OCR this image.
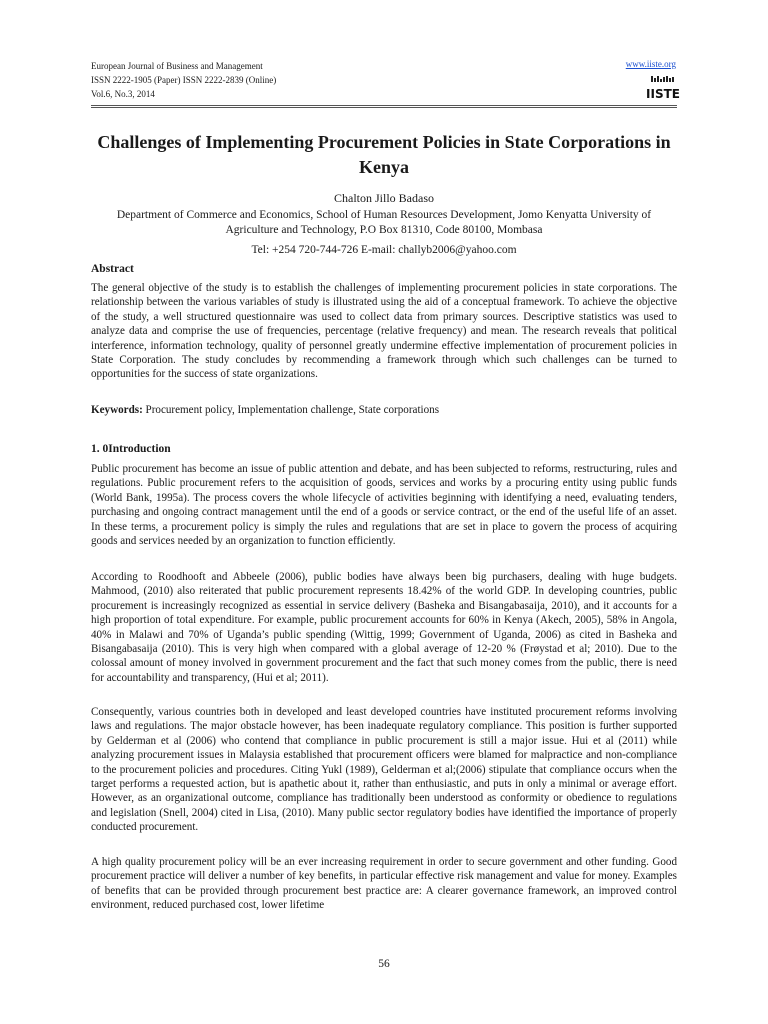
European Journal of Business and Management
ISSN 2222-1905 (Paper) ISSN 2222-2839 (Online)
Vol.6, No.3, 2014
www.iiste.org
IISTE
Challenges of Implementing Procurement Policies in State Corporations in Kenya
Chalton Jillo Badaso
Department of Commerce and Economics, School of Human Resources Development, Jomo Kenyatta University of Agriculture and Technology, P.O Box 81310, Code 80100, Mombasa
Tel: +254 720-744-726 E-mail: challyb2006@yahoo.com
Abstract
The general objective of the study is to establish the challenges of implementing procurement policies in state corporations. The relationship between the various variables of study is illustrated using the aid of a conceptual framework. To achieve the objective of the study, a well structured questionnaire was used to collect data from primary sources. Descriptive statistics was used to analyze data and comprise the use of frequencies, percentage (relative frequency) and mean. The research reveals that political interference, information technology, quality of personnel greatly undermine effective implementation of procurement policies in State Corporation. The study concludes by recommending a framework through which such challenges can be turned to opportunities for the success of state organizations.
Keywords: Procurement policy, Implementation challenge, State corporations
1. 0Introduction
Public procurement has become an issue of public attention and debate, and has been subjected to reforms, restructuring, rules and regulations. Public procurement refers to the acquisition of goods, services and works by a procuring entity using public funds (World Bank, 1995a). The process covers the whole lifecycle of activities beginning with identifying a need, evaluating tenders, purchasing and ongoing contract management until the end of a goods or service contract, or the end of the useful life of an asset. In these terms, a procurement policy is simply the rules and regulations that are set in place to govern the process of acquiring goods and services needed by an organization to function efficiently.
According to Roodhooft and Abbeele (2006), public bodies have always been big purchasers, dealing with huge budgets. Mahmood, (2010) also reiterated that public procurement represents 18.42% of the world GDP. In developing countries, public procurement is increasingly recognized as essential in service delivery (Basheka and Bisangabasaija, 2010), and it accounts for a high proportion of total expenditure. For example, public procurement accounts for 60% in Kenya (Akech, 2005), 58% in Angola, 40% in Malawi and 70% of Uganda’s public spending (Wittig, 1999; Government of Uganda, 2006) as cited in Basheka and Bisangabasaija (2010). This is very high when compared with a global average of 12-20 % (Frøystad et al; 2010). Due to the colossal amount of money involved in government procurement and the fact that such money comes from the public, there is need for accountability and transparency, (Hui et al; 2011).
Consequently, various countries both in developed and least developed countries have instituted procurement reforms involving laws and regulations. The major obstacle however, has been inadequate regulatory compliance. This position is further supported by Gelderman et al (2006) who contend that compliance in public procurement is still a major issue. Hui et al (2011) while analyzing procurement issues in Malaysia established that procurement officers were blamed for malpractice and non-compliance to the procurement policies and procedures. Citing Yukl (1989), Gelderman et al;(2006) stipulate that compliance occurs when the target performs a requested action, but is apathetic about it, rather than enthusiastic, and puts in only a minimal or average effort. However, as an organizational outcome, compliance has traditionally been understood as conformity or obedience to regulations and legislation (Snell, 2004) cited in Lisa, (2010). Many public sector regulatory bodies have identified the importance of properly conducted procurement.
A high quality procurement policy will be an ever increasing requirement in order to secure government and other funding. Good procurement practice will deliver a number of key benefits, in particular effective risk management and value for money. Examples of benefits that can be provided through procurement best practice are: A clearer governance framework, an improved control environment, reduced purchased cost, lower lifetime
56
